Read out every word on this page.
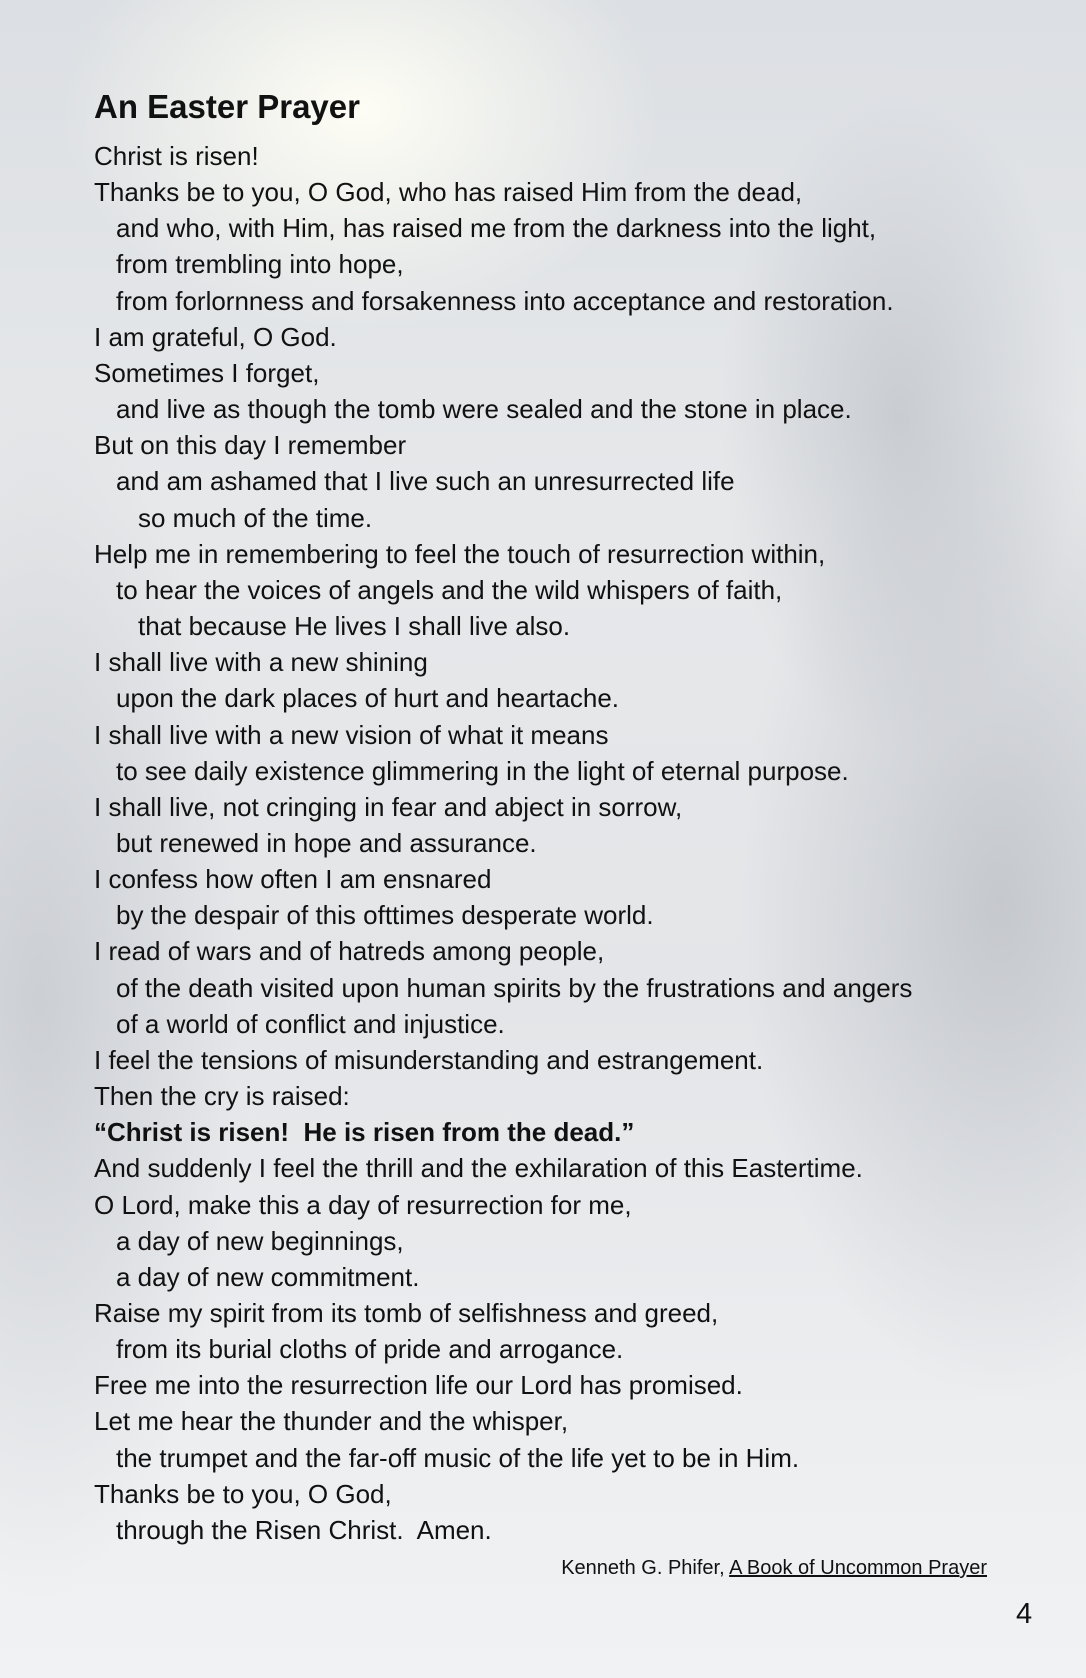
An Easter Prayer
Christ is risen!
Thanks be to you, O God, who has raised Him from the dead,
and who, with Him, has raised me from the darkness into the light,
from trembling into hope,
from forlornness and forsakenness into acceptance and restoration.
I am grateful, O God.
Sometimes I forget,
and live as though the tomb were sealed and the stone in place.
But on this day I remember
and am ashamed that I live such an unresurrected life
so much of the time.
Help me in remembering to feel the touch of resurrection within,
to hear the voices of angels and the wild whispers of faith,
that because He lives I shall live also.
I shall live with a new shining
upon the dark places of hurt and heartache.
I shall live with a new vision of what it means
to see daily existence glimmering in the light of eternal purpose.
I shall live, not cringing in fear and abject in sorrow,
but renewed in hope and assurance.
I confess how often I am ensnared
by the despair of this ofttimes desperate world.
I read of wars and of hatreds among people,
of the death visited upon human spirits by the frustrations and angers
of a world of conflict and injustice.
I feel the tensions of misunderstanding and estrangement.
Then the cry is raised:
“Christ is risen!  He is risen from the dead.”
And suddenly I feel the thrill and the exhilaration of this Eastertime.
O Lord, make this a day of resurrection for me,
a day of new beginnings,
a day of new commitment.
Raise my spirit from its tomb of selfishness and greed,
from its burial cloths of pride and arrogance.
Free me into the resurrection life our Lord has promised.
Let me hear the thunder and the whisper,
the trumpet and the far-off music of the life yet to be in Him.
Thanks be to you, O God,
through the Risen Christ.  Amen.
Kenneth G. Phifer, A Book of Uncommon Prayer
4
